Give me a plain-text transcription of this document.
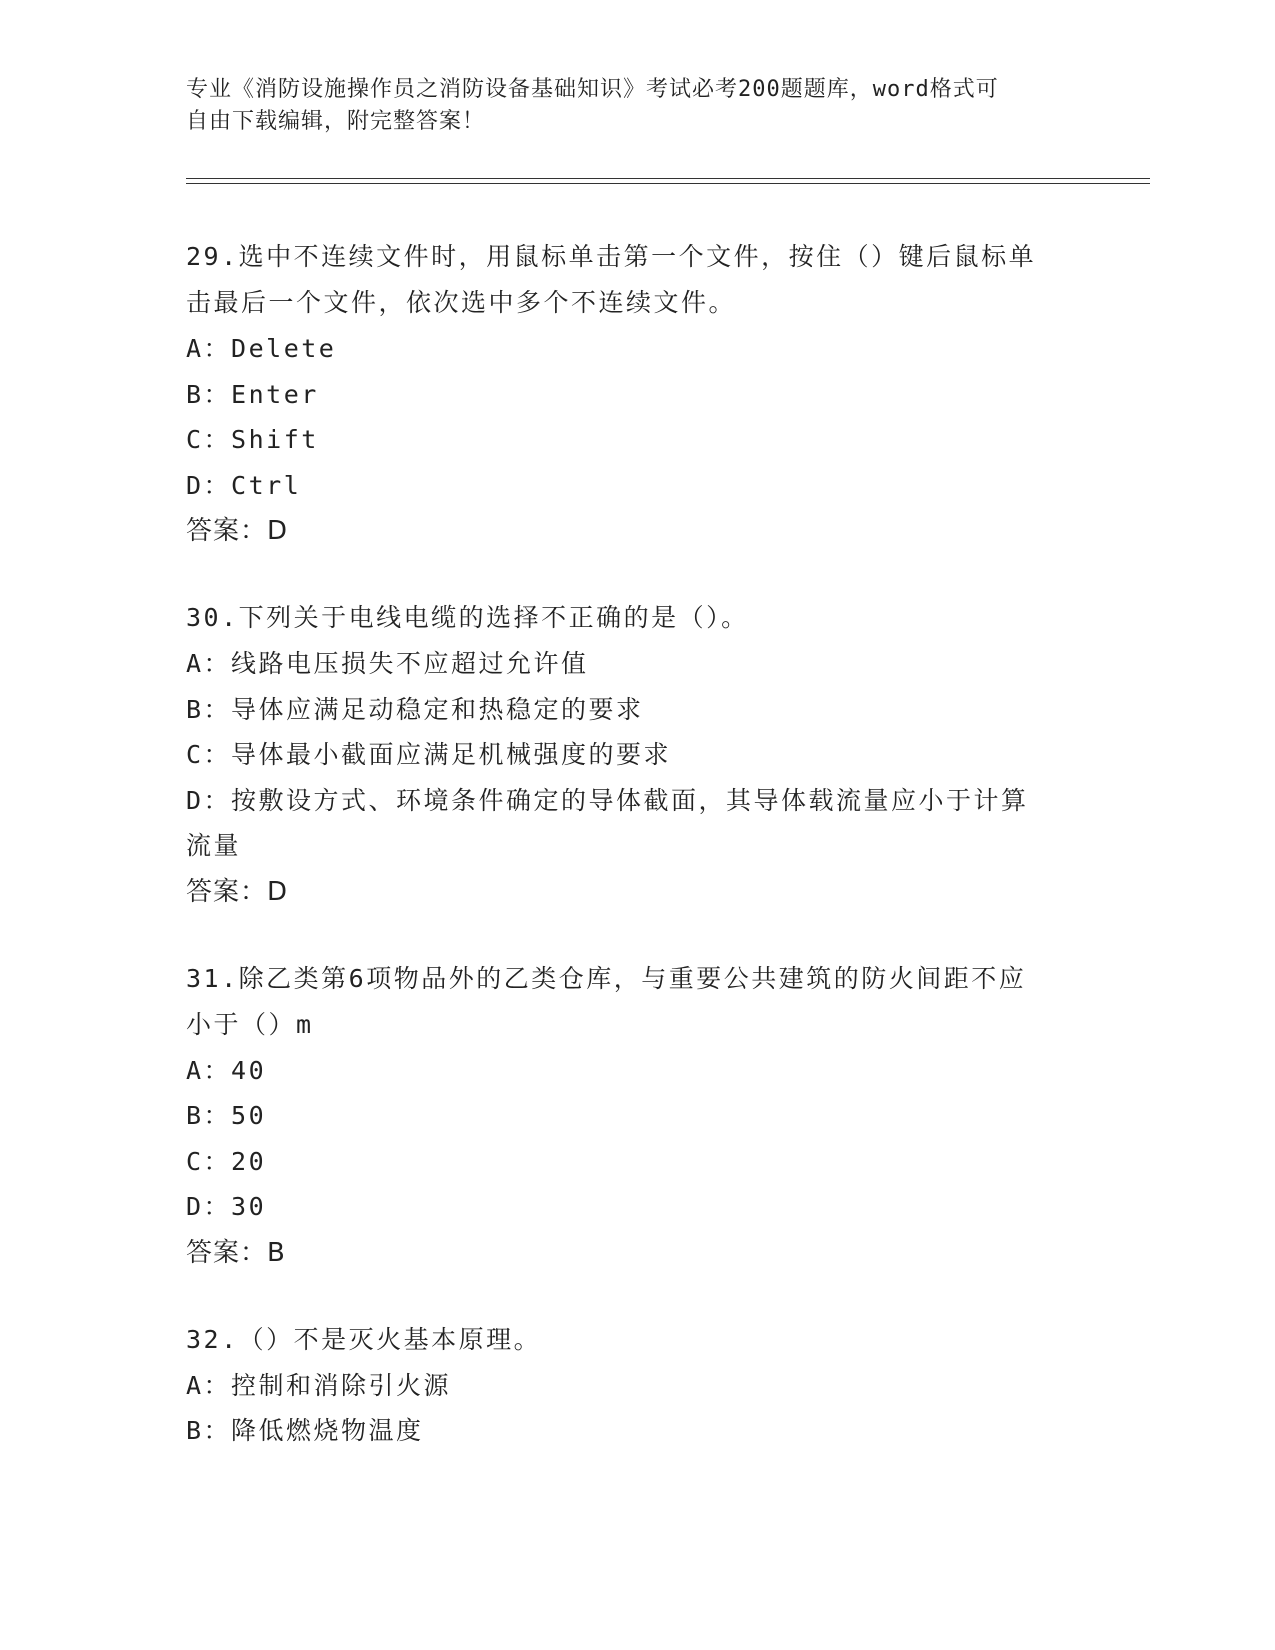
专业《消防设施操作员之消防设备基础知识》考试必考200题题库，word格式可
自由下载编辑，附完整答案！
29.选中不连续文件时，用鼠标单击第一个文件，按住（）键后鼠标单
击最后一个文件，依次选中多个不连续文件。
A：Delete
B：Enter
C：Shift
D：Ctrl
答案：D
30.下列关于电线电缆的选择不正确的是（）。
A：线路电压损失不应超过允许值
B：导体应满足动稳定和热稳定的要求
C：导体最小截面应满足机械强度的要求
D：按敷设方式、环境条件确定的导体截面，其导体载流量应小于计算
流量
答案：D
31.除乙类第6项物品外的乙类仓库，与重要公共建筑的防火间距不应
小于（）m
A：40
B：50
C：20
D：30
答案：B
32.（）不是灭火基本原理。
A：控制和消除引火源
B：降低燃烧物温度
